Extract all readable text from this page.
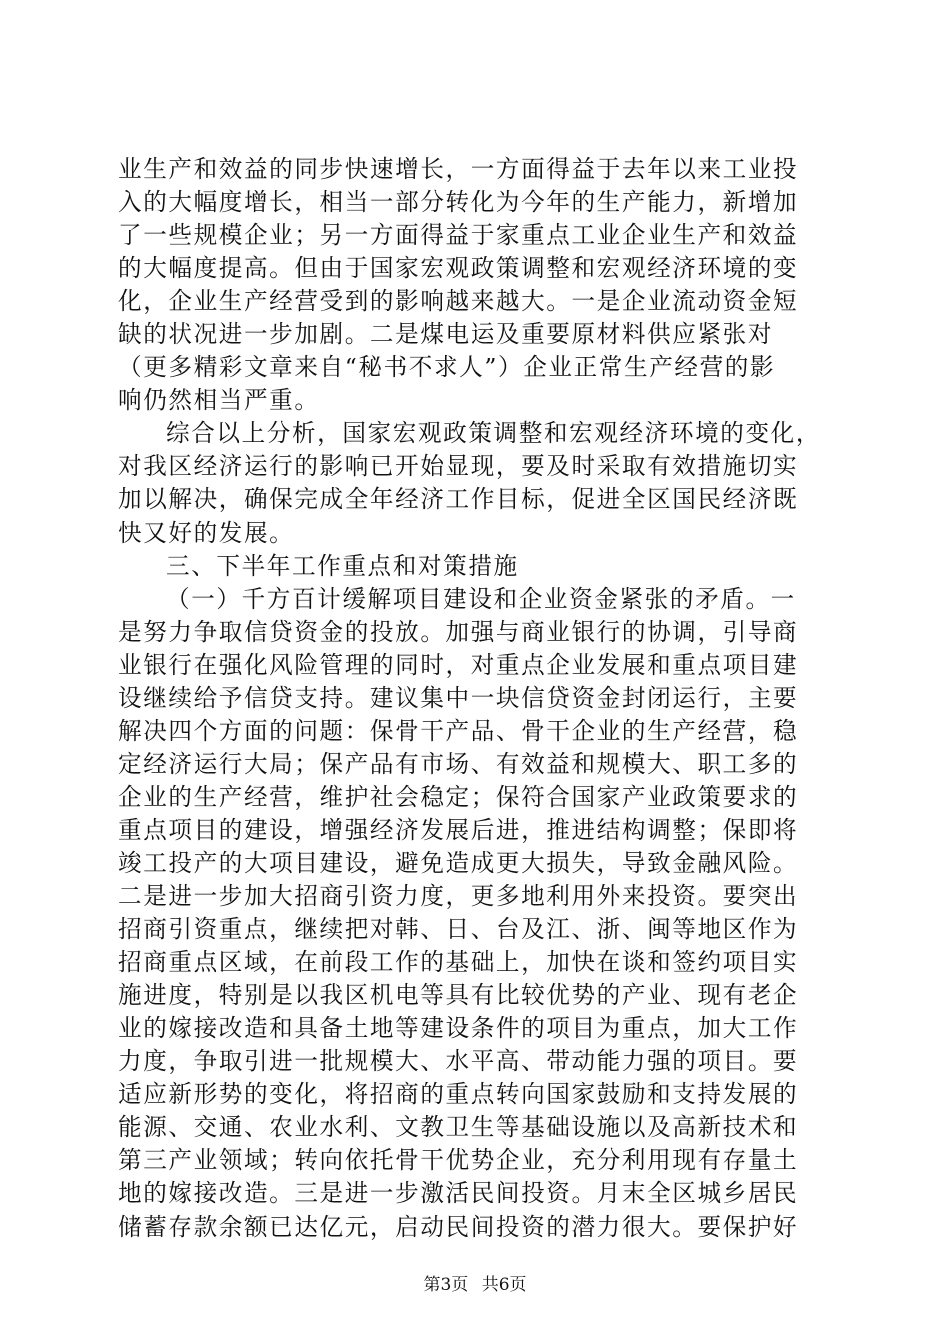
业生产和效益的同步快速增长，一方面得益于去年以来工业投
入的大幅度增长，相当一部分转化为今年的生产能力，新增加
了一些规模企业；另一方面得益于家重点工业企业生产和效益
的大幅度提高。但由于国家宏观政策调整和宏观经济环境的变
化，企业生产经营受到的影响越来越大。一是企业流动资金短
缺的状况进一步加剧。二是煤电运及重要原材料供应紧张对
（更多精彩文章来自“秘书不求人”）企业正常生产经营的影
响仍然相当严重。
综合以上分析，国家宏观政策调整和宏观经济环境的变化，
对我区经济运行的影响已开始显现，要及时采取有效措施切实
加以解决，确保完成全年经济工作目标，促进全区国民经济既
快又好的发展。
三、下半年工作重点和对策措施
（一）千方百计缓解项目建设和企业资金紧张的矛盾。一
是努力争取信贷资金的投放。加强与商业银行的协调，引导商
业银行在强化风险管理的同时，对重点企业发展和重点项目建
设继续给予信贷支持。建议集中一块信贷资金封闭运行，主要
解决四个方面的问题：保骨干产品、骨干企业的生产经营，稳
定经济运行大局；保产品有市场、有效益和规模大、职工多的
企业的生产经营，维护社会稳定；保符合国家产业政策要求的
重点项目的建设，增强经济发展后进，推进结构调整；保即将
竣工投产的大项目建设，避免造成更大损失，导致金融风险。
二是进一步加大招商引资力度，更多地利用外来投资。要突出
招商引资重点，继续把对韩、日、台及江、浙、闽等地区作为
招商重点区域，在前段工作的基础上，加快在谈和签约项目实
施进度，特别是以我区机电等具有比较优势的产业、现有老企
业的嫁接改造和具备土地等建设条件的项目为重点，加大工作
力度，争取引进一批规模大、水平高、带动能力强的项目。要
适应新形势的变化，将招商的重点转向国家鼓励和支持发展的
能源、交通、农业水利、文教卫生等基础设施以及高新技术和
第三产业领域；转向依托骨干优势企业，充分利用现有存量土
地的嫁接改造。三是进一步激活民间投资。月末全区城乡居民
储蓄存款余额已达亿元，启动民间投资的潜力很大。要保护好
第3页 共6页
